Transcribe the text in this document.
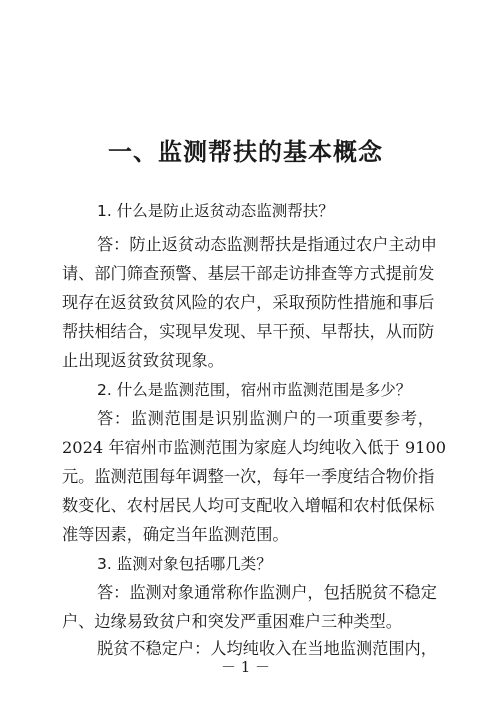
一、监测帮扶的基本概念
1. 什么是防止返贫动态监测帮扶？
答：防止返贫动态监测帮扶是指通过农户主动申
请、部门筛查预警、基层干部走访排查等方式提前发
现存在返贫致贫风险的农户，采取预防性措施和事后
帮扶相结合，实现早发现、早干预、早帮扶，从而防
止出现返贫致贫现象。
2. 什么是监测范围，宿州市监测范围是多少？
答：监测范围是识别监测户的一项重要参考，
2024 年宿州市监测范围为家庭人均纯收入低于 9100
元。监测范围每年调整一次，每年一季度结合物价指
数变化、农村居民人均可支配收入增幅和农村低保标
准等因素，确定当年监测范围。
3. 监测对象包括哪几类？
答：监测对象通常称作监测户，包括脱贫不稳定
户、边缘易致贫户和突发严重困难户三种类型。
脱贫不稳定户：人均纯收入在当地监测范围内，
－ 1 －
